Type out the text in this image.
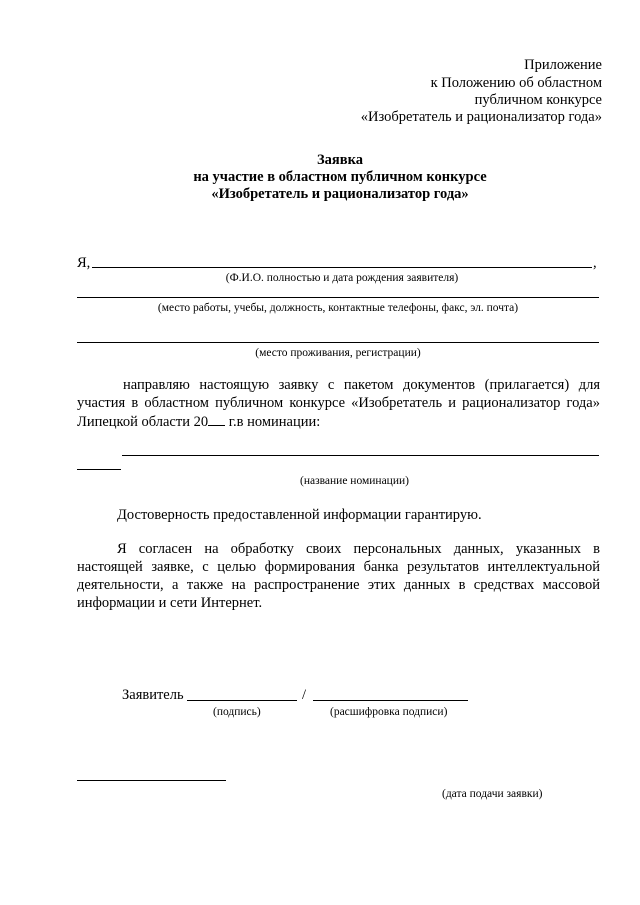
Приложение
к Положению об областном
публичном конкурсе
«Изобретатель и рационализатор года»
Заявка
на участие в областном публичном конкурсе
«Изобретатель и рационализатор года»
Я,	,
(Ф.И.О. полностью и дата рождения заявителя)
(место работы, учебы, должность, контактные телефоны, факс, эл. почта)
(место проживания, регистрации)
направляю настоящую заявку с пакетом документов (прилагается) для
участия в областном публичном конкурсе «Изобретатель и рационализатор года»
Липецкой области 20 г.в номинации:
(название номинации)
Достоверность предоставленной информации гарантирую.
Я согласен на обработку своих персональных данных, указанных в
настоящей заявке, с целью формирования банка результатов интеллектуальной
деятельности, а также на распространение этих данных в средствах массовой
информации и сети Интернет.
Заявитель	/
(подпись)	(расшифровка подписи)
(дата подачи заявки)
